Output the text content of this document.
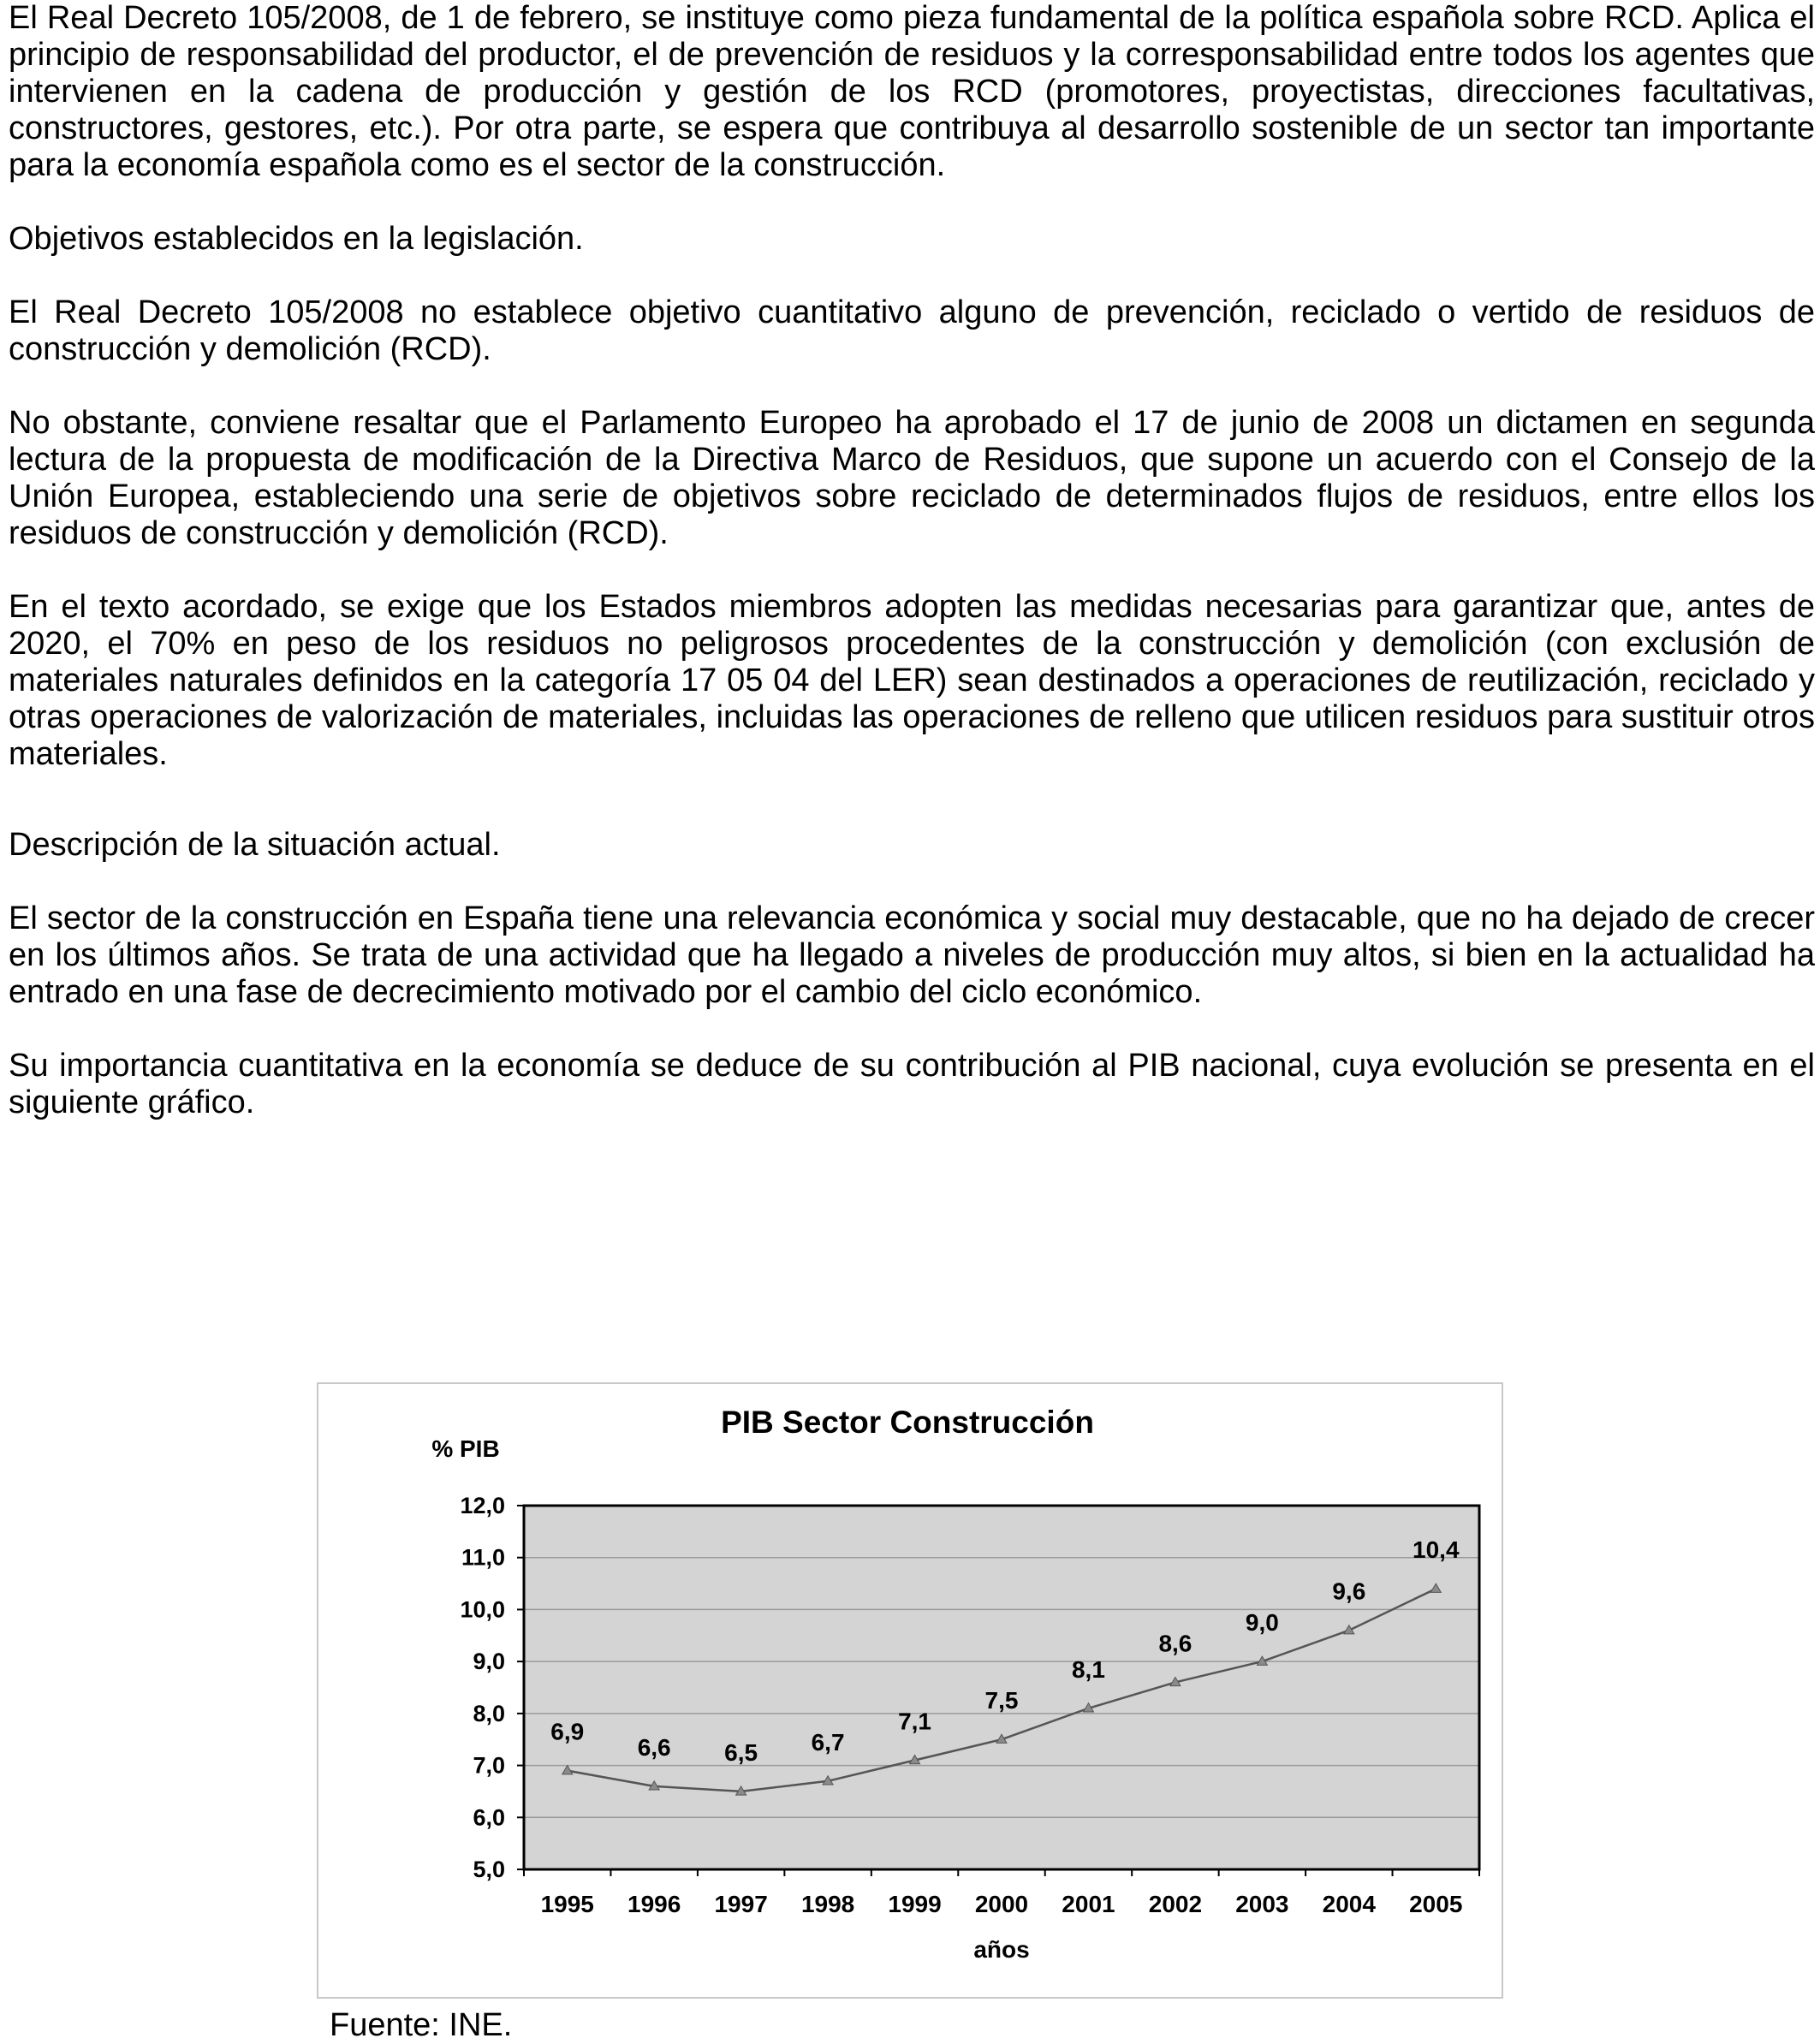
El Real Decreto 105/2008, de 1 de febrero, se instituye como pieza fundamental de la política española sobre RCD. Aplica el principio de responsabilidad del productor, el de prevención de residuos y la corresponsabilidad entre todos los agentes que intervienen en la cadena de producción y gestión de los RCD (promotores, proyectistas, direcciones facultativas, constructores, gestores, etc.). Por otra parte, se espera que contribuya al desarrollo sostenible de un sector tan importante para la economía española como es el sector de la construcción.

Objetivos establecidos en la legislación.

El Real Decreto 105/2008 no establece objetivo cuantitativo alguno de prevención, reciclado o vertido de residuos de construcción y demolición (RCD).

No obstante, conviene resaltar que el Parlamento Europeo ha aprobado el 17 de junio de 2008 un dictamen en segunda lectura de la propuesta de modificación de la Directiva Marco de Residuos, que supone un acuerdo con el Consejo de la Unión Europea, estableciendo una serie de objetivos sobre reciclado de determinados flujos de residuos, entre ellos los residuos de construcción y demolición (RCD).

En el texto acordado, se exige que los Estados miembros adopten las medidas necesarias para garantizar que, antes de 2020, el 70% en peso de los residuos no peligrosos procedentes de la construcción y demolición (con exclusión de materiales naturales definidos en la categoría 17 05 04 del LER) sean destinados a operaciones de reutilización, reciclado y otras operaciones de valorización de materiales, incluidas las operaciones de relleno que utilicen residuos para sustituir otros materiales.

Descripción de la situación actual.

El sector de la construcción en España tiene una relevancia económica y social muy destacable, que no ha dejado de crecer en los últimos años. Se trata de una actividad que ha llegado a niveles de producción muy altos, si bien en la actualidad ha entrado en una fase de decrecimiento motivado por el cambio del ciclo económico.

Su importancia cuantitativa en la economía se deduce de su contribución al PIB nacional, cuya evolución se presenta en el siguiente gráfico.

5,0
6,0
7,0
8,0
9,0
10,0
11,0
12,0
6,9
6,6 6,5 6,7
7,1
7,5
8,1
8,6
9,0
9,6
10,4
1995 1996 1997 1998 1999 2000 2001 2002 2003 2004 2005
PIB Sector Construcción
% PIB
años

Fuente: INE.
